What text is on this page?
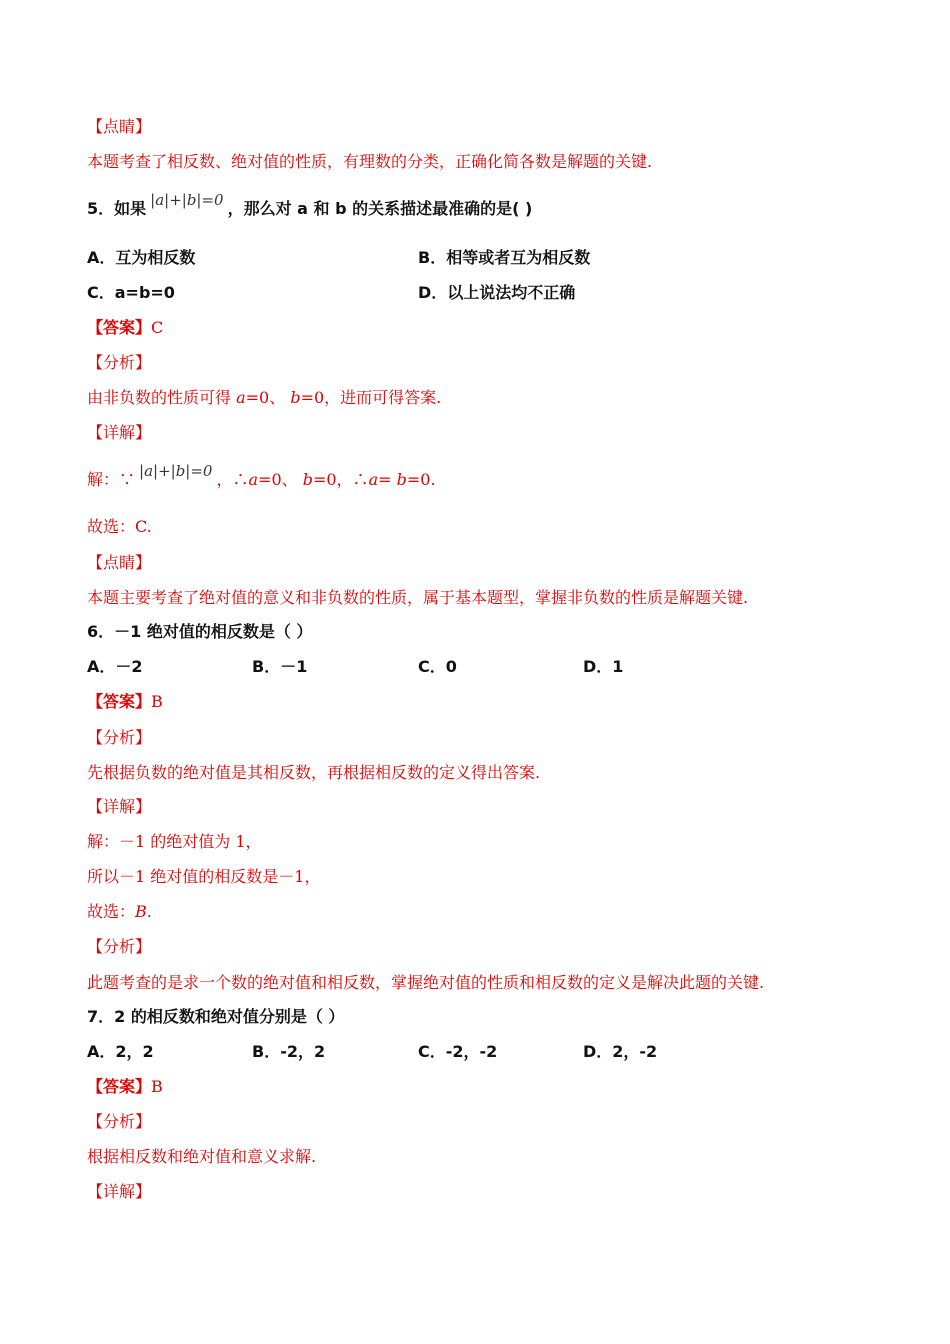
【点睛】
本题考查了相反数、绝对值的性质，有理数的分类，正确化简各数是解题的关键.
5．如果 |a|+|b|=0 ，那么对 a 和 b 的关系描述最准确的是( )
A．互为相反数	B．相等或者互为相反数
C．a=b=0	D．以上说法均不正确
【答案】C
【分析】
由非负数的性质可得 a=0、 b=0，进而可得答案.
【详解】
解：∵ |a|+|b|=0 ，∴a=0、 b=0，∴a= b=0.
故选：C.
【点睛】
本题主要考查了绝对值的意义和非负数的性质，属于基本题型，掌握非负数的性质是解题关键.
6．－1 绝对值的相反数是（ ）
A．－2	B．－1	C．0	D．1
【答案】B
【分析】
先根据负数的绝对值是其相反数，再根据相反数的定义得出答案.
【详解】
解：－1 的绝对值为 1，
所以－1 绝对值的相反数是－1，
故选：B.
【分析】
此题考查的是求一个数的绝对值和相反数，掌握绝对值的性质和相反数的定义是解决此题的关键.
7．2 的相反数和绝对值分别是（ ）
A．2，2	B．-2，2	C．-2，-2	D．2，-2
【答案】B
【分析】
根据相反数和绝对值和意义求解.
【详解】
